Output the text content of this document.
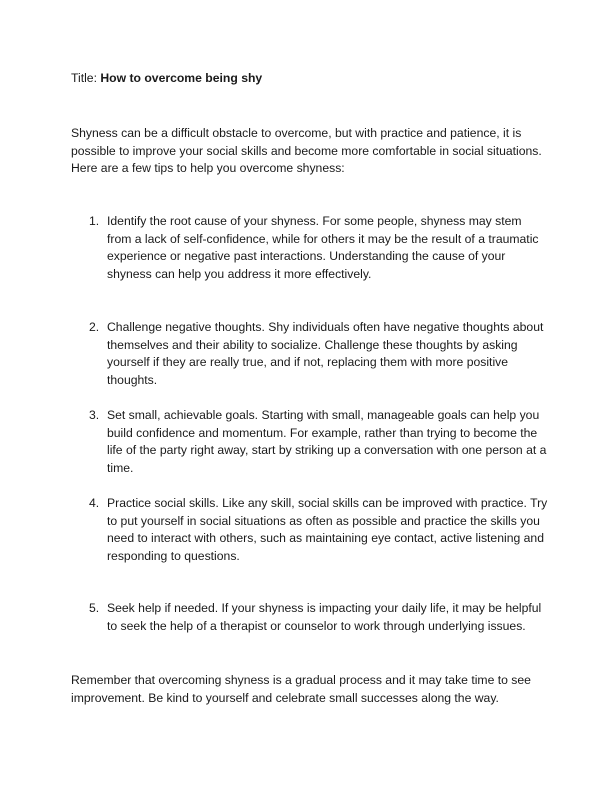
Title: How to overcome being shy

Shyness can be a difficult obstacle to overcome, but with practice and patience, it is possible to improve your social skills and become more comfortable in social situations. Here are a few tips to help you overcome shyness:

1. Identify the root cause of your shyness. For some people, shyness may stem from a lack of self-confidence, while for others it may be the result of a traumatic experience or negative past interactions. Understanding the cause of your shyness can help you address it more effectively.
2. Challenge negative thoughts. Shy individuals often have negative thoughts about themselves and their ability to socialize. Challenge these thoughts by asking yourself if they are really true, and if not, replacing them with more positive thoughts.
3. Set small, achievable goals. Starting with small, manageable goals can help you build confidence and momentum. For example, rather than trying to become the life of the party right away, start by striking up a conversation with one person at a time.
4. Practice social skills. Like any skill, social skills can be improved with practice. Try to put yourself in social situations as often as possible and practice the skills you need to interact with others, such as maintaining eye contact, active listening and responding to questions.
5. Seek help if needed. If your shyness is impacting your daily life, it may be helpful to seek the help of a therapist or counselor to work through underlying issues.

Remember that overcoming shyness is a gradual process and it may take time to see improvement. Be kind to yourself and celebrate small successes along the way.
